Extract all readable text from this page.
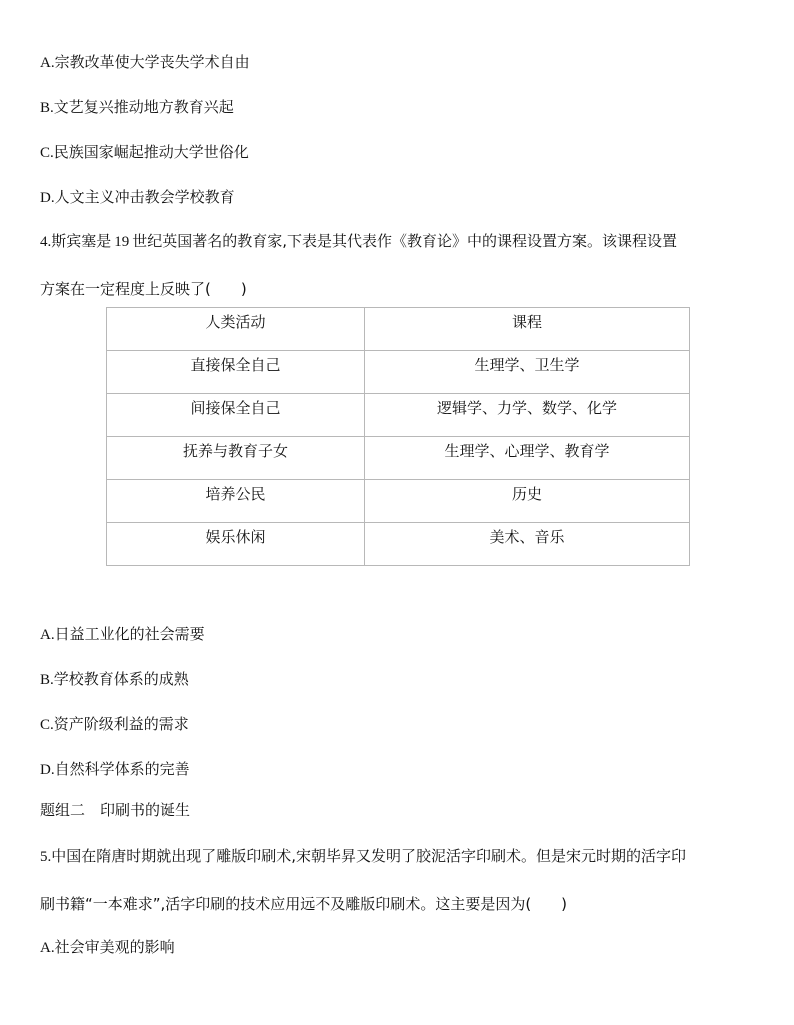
A.宗教改革使大学丧失学术自由
B.文艺复兴推动地方教育兴起
C.民族国家崛起推动大学世俗化
D.人文主义冲击教会学校教育
4.斯宾塞是 19 世纪英国著名的教育家,下表是其代表作《教育论》中的课程设置方案。该课程设置
方案在一定程度上反映了(　　)
人类活动	课程

直接保全自己	生理学、卫生学

间接保全自己	逻辑学、力学、数学、化学

抚养与教育子女	生理学、心理学、教育学

培养公民	历史

娱乐休闲	美术、音乐
A.日益工业化的社会需要
B.学校教育体系的成熟
C.资产阶级利益的需求
D.自然科学体系的完善
题组二　印刷书的诞生
5.中国在隋唐时期就出现了雕版印刷术,宋朝毕昇又发明了胶泥活字印刷术。但是宋元时期的活字印
刷书籍“一本难求”,活字印刷的技术应用远不及雕版印刷术。这主要是因为(　　)
A.社会审美观的影响
